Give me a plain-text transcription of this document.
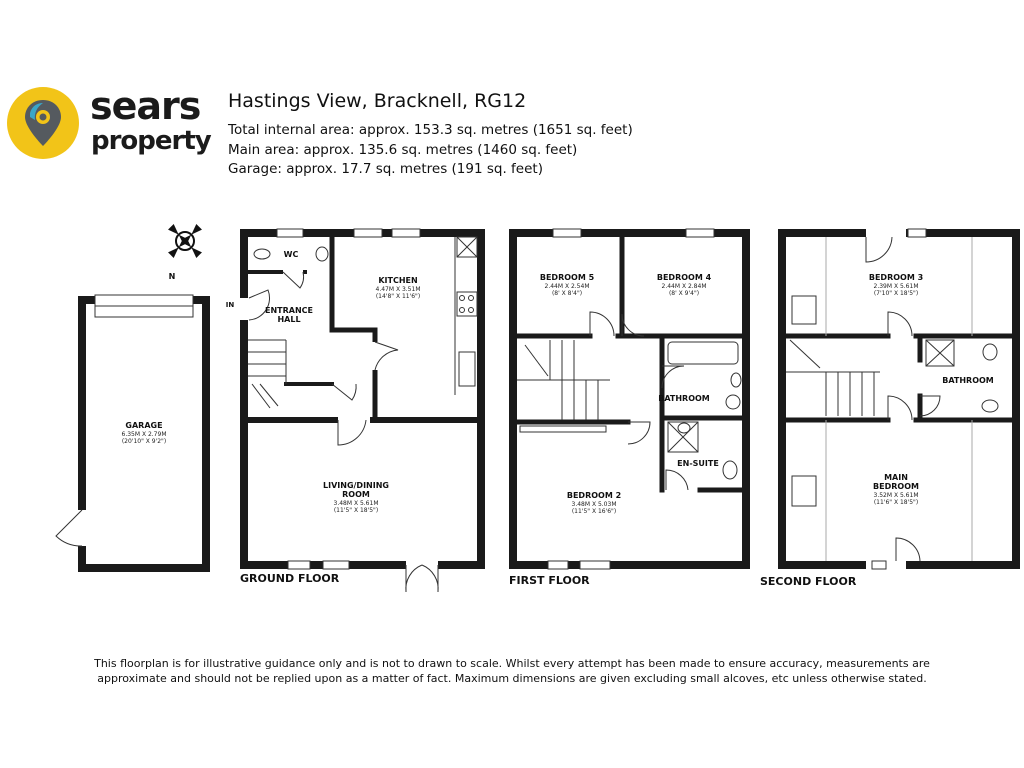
sears
property
Hastings View, Bracknell, RG12
Total internal area: approx. 153.3 sq. metres (1651 sq. feet)
Main area: approx. 135.6 sq. metres (1460 sq. feet)
Garage: approx. 17.7 sq. metres (191 sq. feet)
N
GARAGE
6.35M X 2.79M
(20'10" X 9'2")
IN
WC
ENTRANCE
HALL
KITCHEN
4.47M X 3.51M
(14'8" X 11'6")
LIVING/DINING
ROOM
3.48M X 5.61M
(11'5" X 18'5")
GROUND FLOOR
BEDROOM 5
2.44M X 2.54M
(8' X 8'4")
BEDROOM 4
2.44M X 2.84M
(8' X 9'4")
BATHROOM
EN-SUITE
BEDROOM 2
3.48M X 5.03M
(11'5" X 16'6")
FIRST FLOOR
BEDROOM 3
2.39M X 5.61M
(7'10" X 18'5")
BATHROOM
MAIN
BEDROOM
3.52M X 5.61M
(11'6" X 18'5")
SECOND FLOOR
This floorplan is for illustrative guidance only and is not to drawn to scale. Whilst every attempt has been made to ensure accuracy, measurements are
approximate and should not be replied upon as a matter of fact. Maximum dimensions are given excluding small alcoves, etc unless otherwise stated.
